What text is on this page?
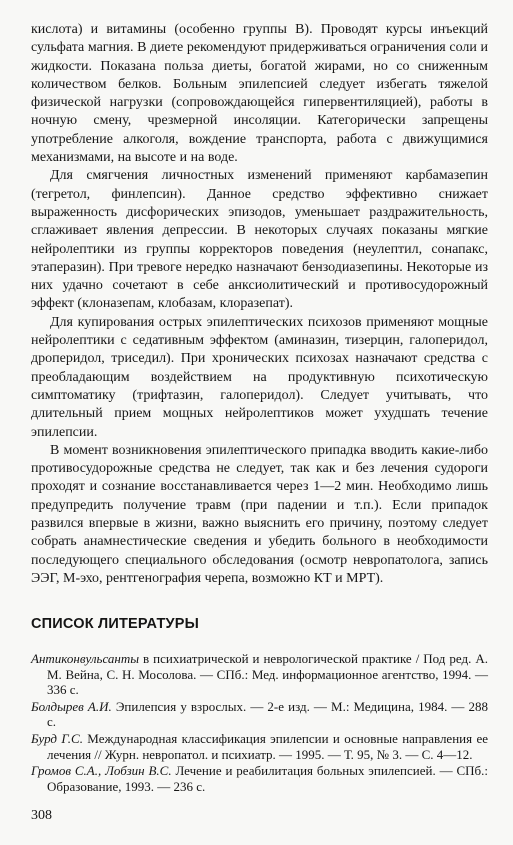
кислота) и витамины (особенно группы В). Проводят курсы инъекций сульфата магния. В диете рекомендуют придерживаться ограничения соли и жидкости. Показана польза диеты, богатой жирами, но со сниженным количеством белков. Больным эпилепсией следует избегать тяжелой физической нагрузки (сопровождающейся гипервентиляцией), работы в ночную смену, чрезмерной инсоляции. Категорически запрещены употребление алкоголя, вождение транспорта, работа с движущимися механизмами, на высоте и на воде.

Для смягчения личностных изменений применяют карбамазепин (тегретол, финлепсин). Данное средство эффективно снижает выраженность дисфорических эпизодов, уменьшает раздражительность, сглаживает явления депрессии. В некоторых случаях показаны мягкие нейролептики из группы корректоров поведения (неулептил, сонапакс, этаперазин). При тревоге нередко назначают бензодиазепины. Некоторые из них удачно сочетают в себе анксиолитический и противосудорожный эффект (клоназепам, клобазам, клоразепат).

Для купирования острых эпилептических психозов применяют мощные нейролептики с седативным эффектом (аминазин, тизерцин, галоперидол, дроперидол, триседил). При хронических психозах назначают средства с преобладающим воздействием на продуктивную психотическую симптоматику (трифтазин, галоперидол). Следует учитывать, что длительный прием мощных нейролептиков может ухудшать течение эпилепсии.

В момент возникновения эпилептического припадка вводить какие-либо противосудорожные средства не следует, так как и без лечения судороги проходят и сознание восстанавливается через 1—2 мин. Необходимо лишь предупредить получение травм (при падении и т.п.). Если припадок развился впервые в жизни, важно выяснить его причину, поэтому следует собрать анамнестические сведения и убедить больного в необходимости последующего специального обследования (осмотр невропатолога, запись ЭЭГ, М-эхо, рентгенография черепа, возможно КТ и МРТ).

СПИСОК ЛИТЕРАТУРЫ

Антиконвульсанты в психиатрической и неврологической практике / Под ред. А. М. Вейна, С. Н. Мосолова. — СПб.: Мед. информационное агентство, 1994. — 336 с.

Болдырев А.И. Эпилепсия у взрослых. — 2-е изд. — М.: Медицина, 1984. — 288 с.

Бурд Г.С. Международная классификация эпилепсии и основные направления ее лечения // Журн. невропатол. и психиатр. — 1995. — Т. 95, № 3. — С. 4—12.

Громов С.А., Лобзин В.С. Лечение и реабилитация больных эпилепсией. — СПб.: Образование, 1993. — 236 с.

308
